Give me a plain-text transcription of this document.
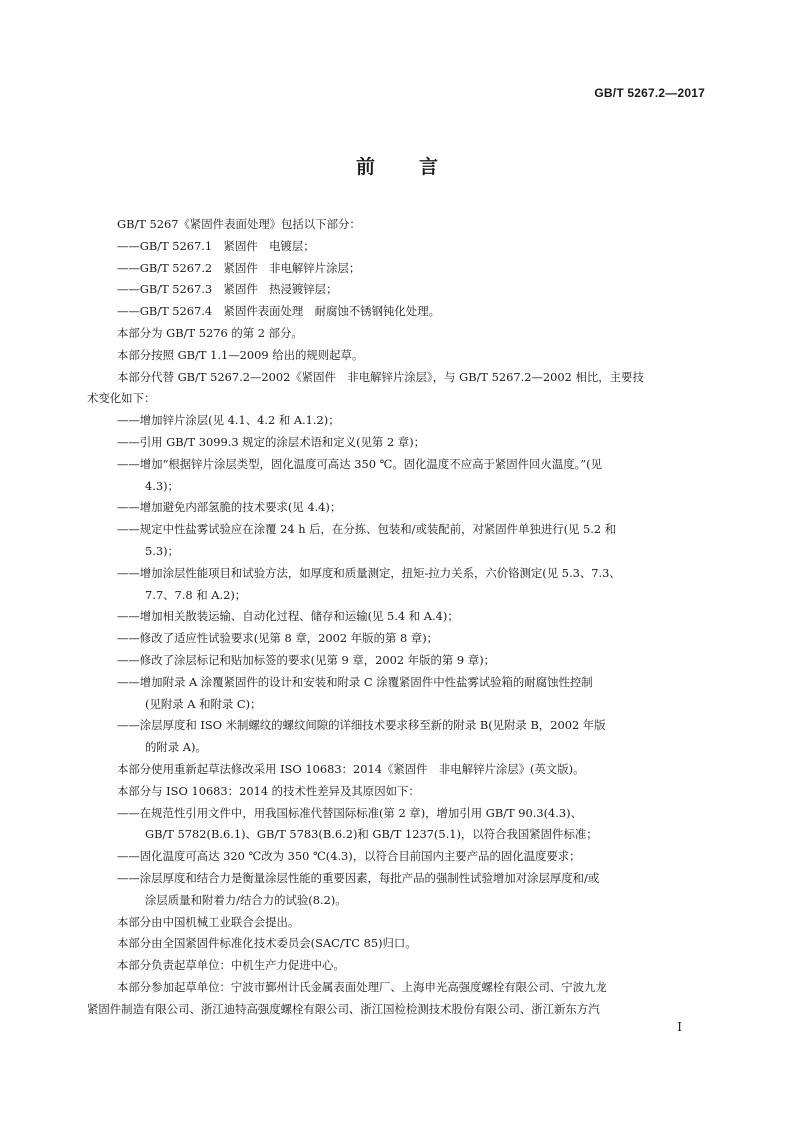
GB/T 5267.2—2017
前 言
GB/T 5267《紧固件表面处理》包括以下部分：
——GB/T 5267.1　紧固件　电镀层；
——GB/T 5267.2　紧固件　非电解锌片涂层；
——GB/T 5267.3　紧固件　热浸镀锌层；
——GB/T 5267.4　紧固件表面处理　耐腐蚀不锈钢钝化处理。
本部分为 GB/T 5276 的第 2 部分。
本部分按照 GB/T 1.1—2009 给出的规则起草。
本部分代替 GB/T 5267.2—2002《紧固件　非电解锌片涂层》，与 GB/T 5267.2—2002 相比，主要技
术变化如下：
——增加锌片涂层(见 4.1、4.2 和 A.1.2)；
——引用 GB/T 3099.3 规定的涂层术语和定义(见第 2 章)；
——增加“根据锌片涂层类型，固化温度可高达 350 ℃。固化温度不应高于紧固件回火温度。”(见
4.3)；
——增加避免内部氢脆的技术要求(见 4.4)；
——规定中性盐雾试验应在涂覆 24 h 后，在分拣、包装和/或装配前，对紧固件单独进行(见 5.2 和
5.3)；
——增加涂层性能项目和试验方法，如厚度和质量测定，扭矩-拉力关系，六价铬测定(见 5.3、7.3、
7.7、7.8 和 A.2)；
——增加相关散装运输、自动化过程、储存和运输(见 5.4 和 A.4)；
——修改了适应性试验要求(见第 8 章，2002 年版的第 8 章)；
——修改了涂层标记和贴加标签的要求(见第 9 章，2002 年版的第 9 章)；
——增加附录 A 涂覆紧固件的设计和安装和附录 C 涂覆紧固件中性盐雾试验箱的耐腐蚀性控制
(见附录 A 和附录 C)；
——涂层厚度和 ISO 米制螺纹的螺纹间隙的详细技术要求移至新的附录 B(见附录 B，2002 年版
的附录 A)。
本部分使用重新起草法修改采用 ISO 10683：2014《紧固件　非电解锌片涂层》(英文版)。
本部分与 ISO 10683：2014 的技术性差异及其原因如下：
——在规范性引用文件中，用我国标准代替国际标准(第 2 章)，增加引用 GB/T 90.3(4.3)、
GB/T 5782(B.6.1)、GB/T 5783(B.6.2)和 GB/T 1237(5.1)，以符合我国紧固件标准；
——固化温度可高达 320 ℃改为 350 ℃(4.3)，以符合目前国内主要产品的固化温度要求；
——涂层厚度和结合力是衡量涂层性能的重要因素，每批产品的强制性试验增加对涂层厚度和/或
涂层质量和附着力/结合力的试验(8.2)。
本部分由中国机械工业联合会提出。
本部分由全国紧固件标准化技术委员会(SAC/TC 85)归口。
本部分负责起草单位：中机生产力促进中心。
本部分参加起草单位：宁波市鄞州计氏金属表面处理厂、上海申光高强度螺栓有限公司、宁波九龙
紧固件制造有限公司、浙江迪特高强度螺栓有限公司、浙江国检检测技术股份有限公司、浙江新东方汽
I
